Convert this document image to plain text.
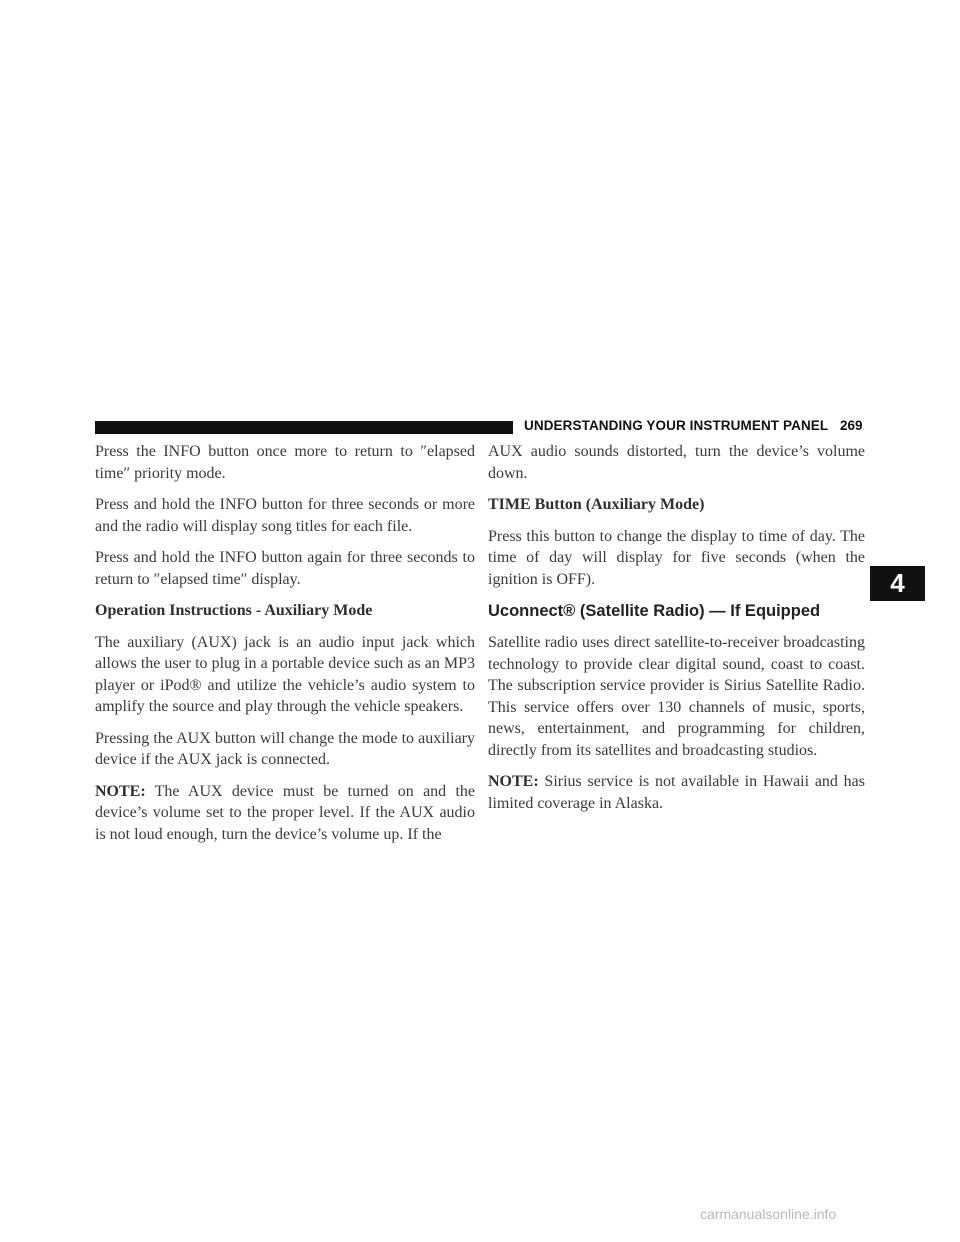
UNDERSTANDING YOUR INSTRUMENT PANEL 269

Press the INFO button once more to return to ″elapsed time″ priority mode.

Press and hold the INFO button for three seconds or more and the radio will display song titles for each file.

Press and hold the INFO button again for three seconds to return to ″elapsed time″ display.

Operation Instructions - Auxiliary Mode

The auxiliary (AUX) jack is an audio input jack which allows the user to plug in a portable device such as an MP3 player or iPod® and utilize the vehicle’s audio system to amplify the source and play through the vehicle speakers.

Pressing the AUX button will change the mode to auxiliary device if the AUX jack is connected.

NOTE: The AUX device must be turned on and the device’s volume set to the proper level. If the AUX audio is not loud enough, turn the device’s volume up. If the

AUX audio sounds distorted, turn the device’s volume down.

TIME Button (Auxiliary Mode)

Press this button to change the display to time of day. The time of day will display for five seconds (when the ignition is OFF).

Uconnect® (Satellite Radio) — If Equipped

Satellite radio uses direct satellite-to-receiver broadcasting technology to provide clear digital sound, coast to coast. The subscription service provider is Sirius Satellite Radio. This service offers over 130 channels of music, sports, news, entertainment, and programming for children, directly from its satellites and broadcasting studios.

NOTE: Sirius service is not available in Hawaii and has limited coverage in Alaska.

4
carmanualsonline.info
